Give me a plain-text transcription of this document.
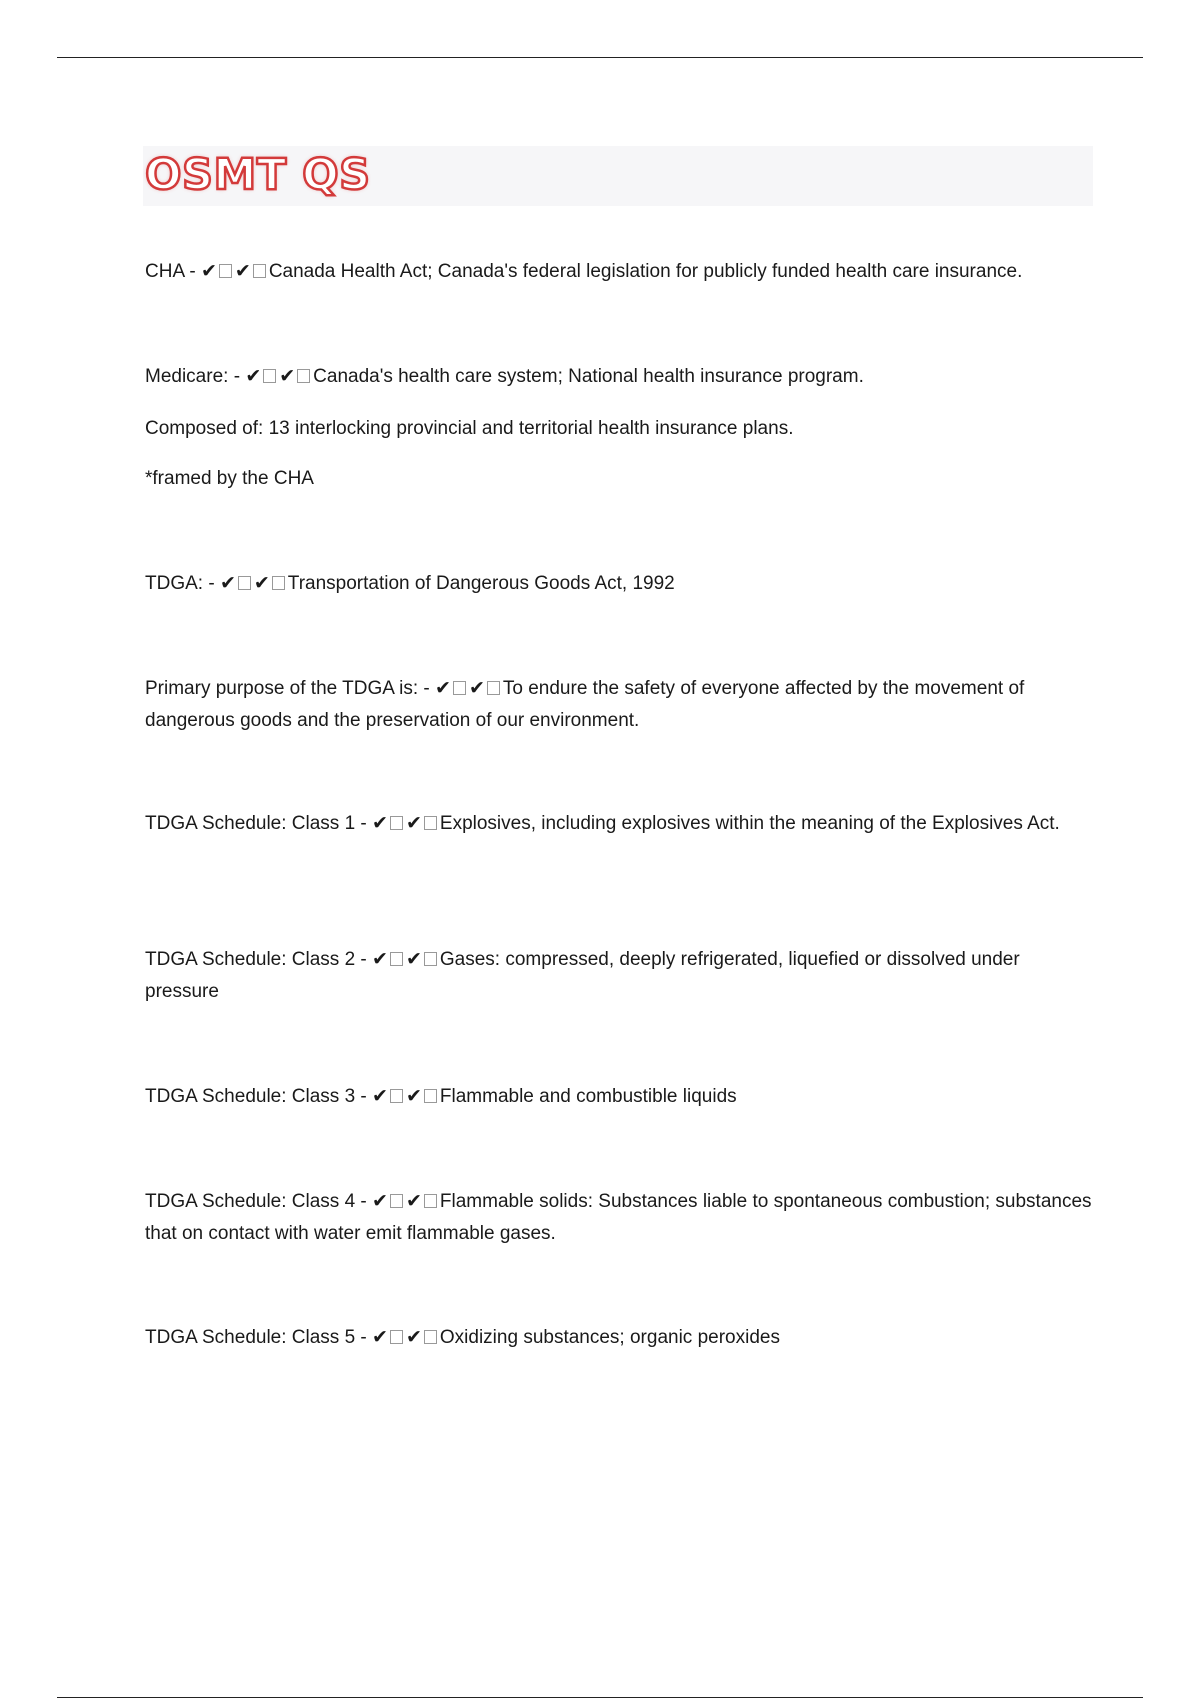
OSMT QS

CHA - ✔ ✔ Canada Health Act; Canada's federal legislation for publicly funded health care insurance.

Medicare: - ✔ ✔ Canada's health care system; National health insurance program.

Composed of: 13 interlocking provincial and territorial health insurance plans.

*framed by the CHA

TDGA: - ✔ ✔ Transportation of Dangerous Goods Act, 1992

Primary purpose of the TDGA is: - ✔ ✔ To endure the safety of everyone affected by the movement of dangerous goods and the preservation of our environment.

TDGA Schedule: Class 1 - ✔ ✔ Explosives, including explosives within the meaning of the Explosives Act.

TDGA Schedule: Class 2 - ✔ ✔ Gases: compressed, deeply refrigerated, liquefied or dissolved under pressure

TDGA Schedule: Class 3 - ✔ ✔ Flammable and combustible liquids

TDGA Schedule: Class 4 - ✔ ✔ Flammable solids: Substances liable to spontaneous combustion; substances that on contact with water emit flammable gases.

TDGA Schedule: Class 5 - ✔ ✔ Oxidizing substances; organic peroxides
